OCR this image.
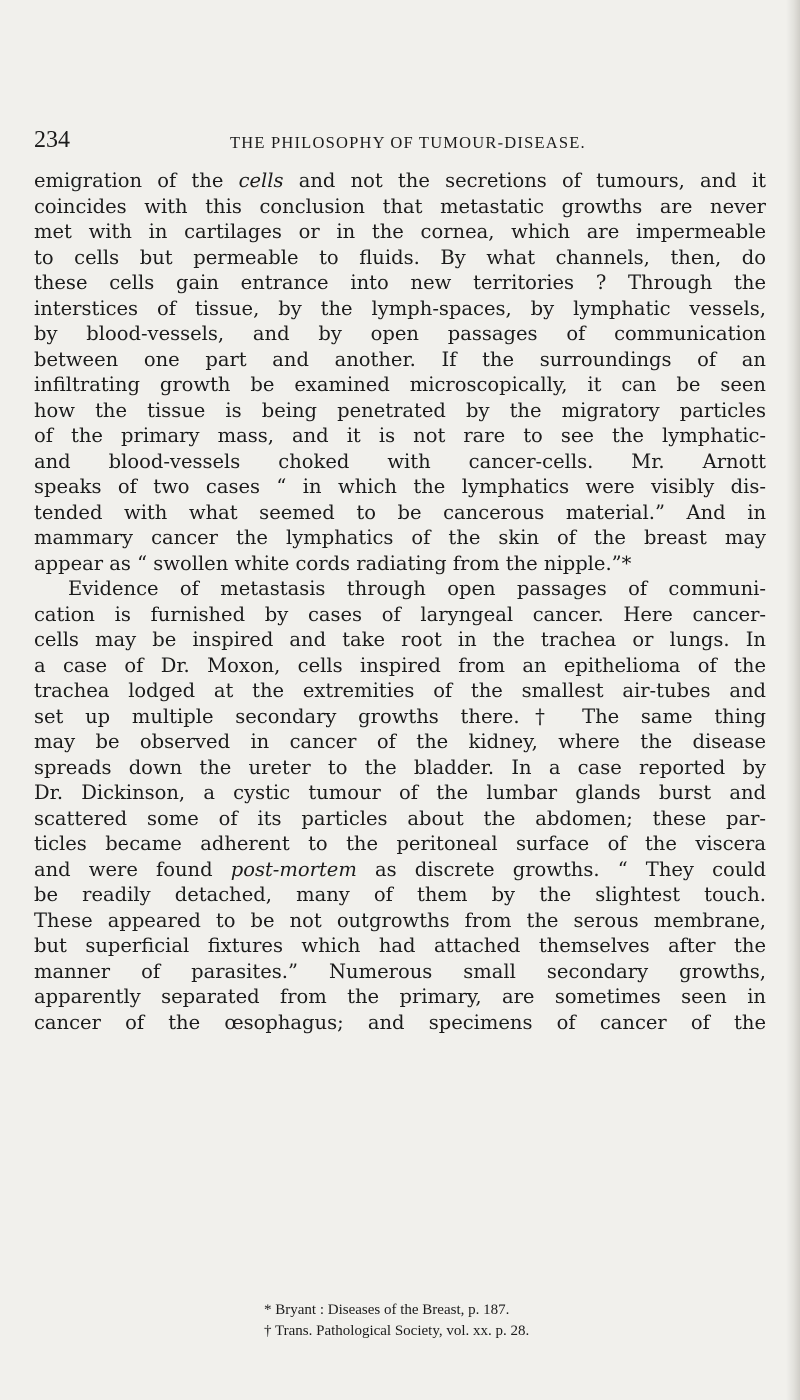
234	THE PHILOSOPHY OF TUMOUR-DISEASE.
emigration of the cells and not the secretions of tumours, and it
coincides with this conclusion that metastatic growths are never
met with in cartilages or in the cornea, which are impermeable
to cells but permeable to fluids. By what channels, then, do
these cells gain entrance into new territories ? Through the
interstices of tissue, by the lymph-spaces, by lymphatic vessels,
by blood-vessels, and by open passages of communication
between one part and another. If the surroundings of an
infiltrating growth be examined microscopically, it can be seen
how the tissue is being penetrated by the migratory particles
of the primary mass, and it is not rare to see the lymphatic-
and blood-vessels choked with cancer-cells. Mr. Arnott
speaks of two cases “ in which the lymphatics were visibly dis-
tended with what seemed to be cancerous material.” And in
mammary cancer the lymphatics of the skin of the breast may
appear as “ swollen white cords radiating from the nipple.”*
Evidence of metastasis through open passages of communi-
cation is furnished by cases of laryngeal cancer. Here cancer-
cells may be inspired and take root in the trachea or lungs. In
a case of Dr. Moxon, cells inspired from an epithelioma of the
trachea lodged at the extremities of the smallest air-tubes and
set up multiple secondary growths there.† The same thing
may be observed in cancer of the kidney, where the disease
spreads down the ureter to the bladder. In a case reported by
Dr. Dickinson, a cystic tumour of the lumbar glands burst and
scattered some of its particles about the abdomen; these par-
ticles became adherent to the peritoneal surface of the viscera
and were found post-mortem as discrete growths. “ They could
be readily detached, many of them by the slightest touch.
These appeared to be not outgrowths from the serous membrane,
but superficial fixtures which had attached themselves after the
manner of parasites.” Numerous small secondary growths,
apparently separated from the primary, are sometimes seen in
cancer of the œsophagus; and specimens of cancer of the
* Bryant : Diseases of the Breast, p. 187.
† Trans. Pathological Society, vol. xx. p. 28.
